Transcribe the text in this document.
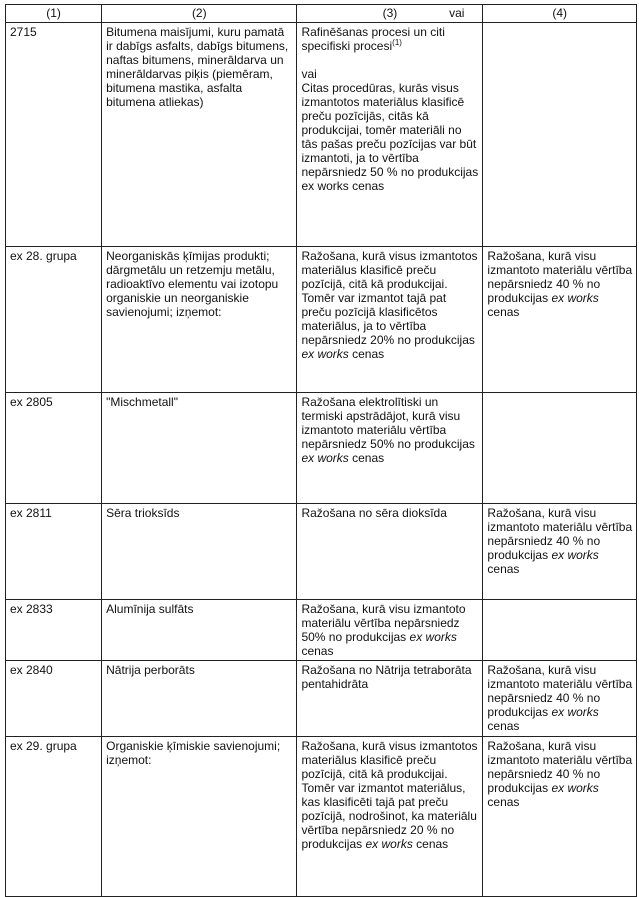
(1)	(2)	(3) vai	(4)
2715	Bitumena maisījumi, kuru pamatā ir dabīgs asfalts, dabīgs bitumens, naftas bitumens, minerāldarva un minerāldarvas piķis (piemēram, bitumena mastika, asfalta bitumena atliekas)	Rafinēšanas procesi un citi specifiski procesi$^{(1)}$

vai
Citas procedūras, kurās visus izmantotos materiālus klasificē preču pozīcijās, citās kā produkcijai, tomēr materiāli no tās pašas preču pozīcijas var būt izmantoti, ja to vērtība nepārsniedz 50 % no produkcijas ex works cenas	
ex 28. grupa	Neorganiskās ķīmijas produkti; dārgmetālu un retzemju metālu, radioaktīvo elementu vai izotopu organiskie un neorganiskie savienojumi; izņemot:	Ražošana, kurā visus izmantotos materiālus klasificē preču pozīcijā, citā kā produkcijai. Tomēr var izmantot tajā pat preču pozīcijā klasificētos materiālus, ja to vērtība nepārsniedz 20% no produkcijas ex works cenas	Ražošana, kurā visu izmantoto materiālu vērtība nepārsniedz 40 % no produkcijas ex works cenas
ex 2805	"Mischmetall"	Ražošana elektrolītiski un termiski apstrādājot, kurā visu izmantoto materiālu vērtība nepārsniedz 50% no produkcijas ex works cenas	
ex 2811	Sēra trioksīds	Ražošana no sēra dioksīda	Ražošana, kurā visu izmantoto materiālu vērtība nepārsniedz 40 % no produkcijas ex works cenas
ex 2833	Alumīnija sulfāts	Ražošana, kurā visu izmantoto materiālu vērtība nepārsniedz 50% no produkcijas ex works cenas	
ex 2840	Nātrija perborāts	Ražošana no Nātrija tetraborāta pentahidrāta	Ražošana, kurā visu izmantoto materiālu vērtība nepārsniedz 40 % no produkcijas ex works cenas
ex 29. grupa	Organiskie ķīmiskie savienojumi; izņemot:	Ražošana, kurā visus izmantotos materiālus klasificē preču pozīcijā, citā kā produkcijai. Tomēr var izmantot materiālus, kas klasificēti tajā pat preču pozīcijā, nodrošinot, ka materiālu vērtība nepārsniedz 20 % no produkcijas ex works cenas	Ražošana, kurā visu izmantoto materiālu vērtība nepārsniedz 40 % no produkcijas ex works cenas
